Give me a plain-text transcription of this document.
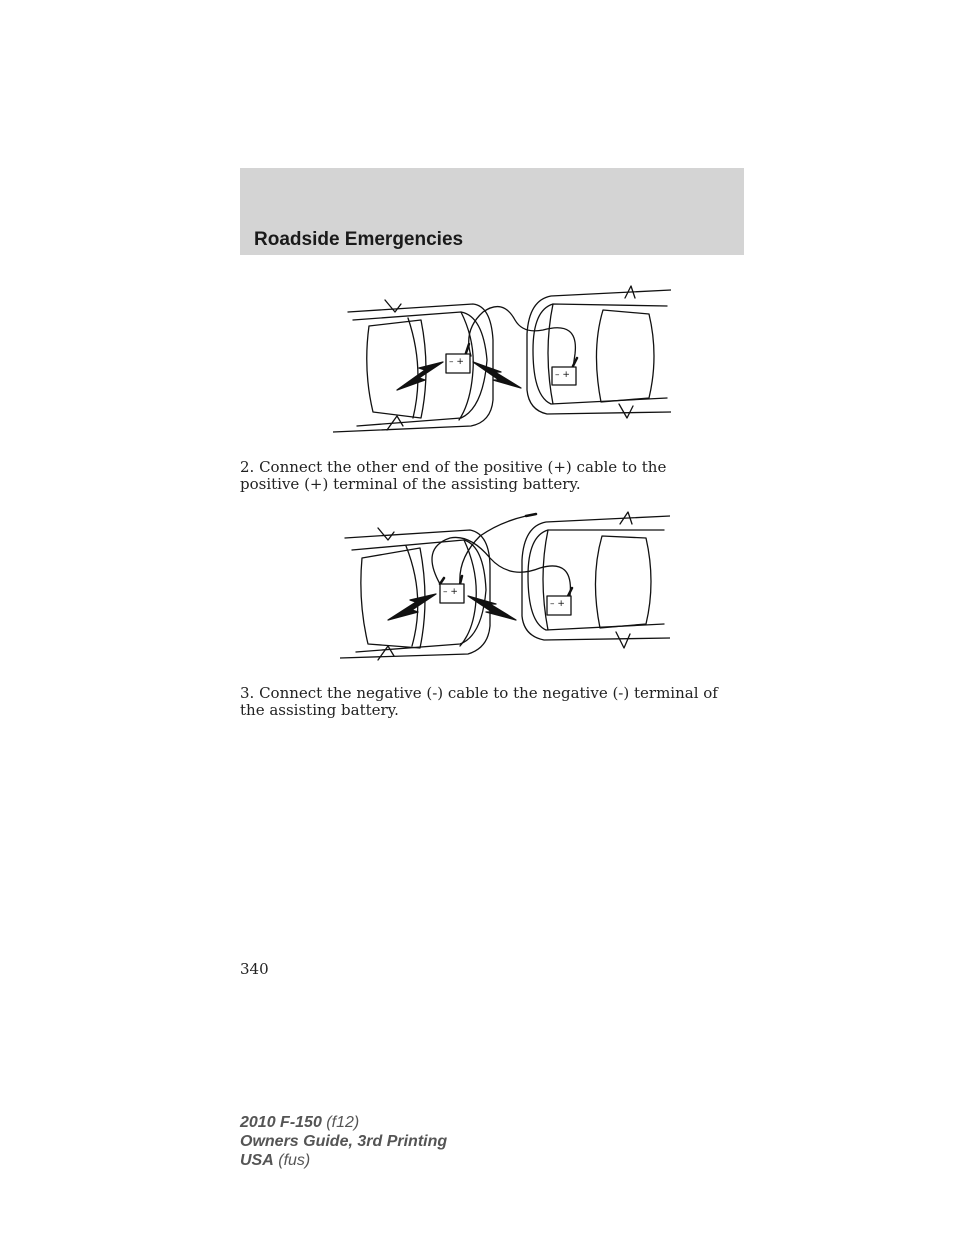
Roadside Emergencies
– +
– +

2. Connect the other end of the positive (+) cable to the positive (+) terminal of the assisting battery.

– +
– +

3. Connect the negative (-) cable to the negative (-) terminal of the assisting battery.

340
2010 F-150 (f12)
Owners Guide, 3rd Printing
USA (fus)
